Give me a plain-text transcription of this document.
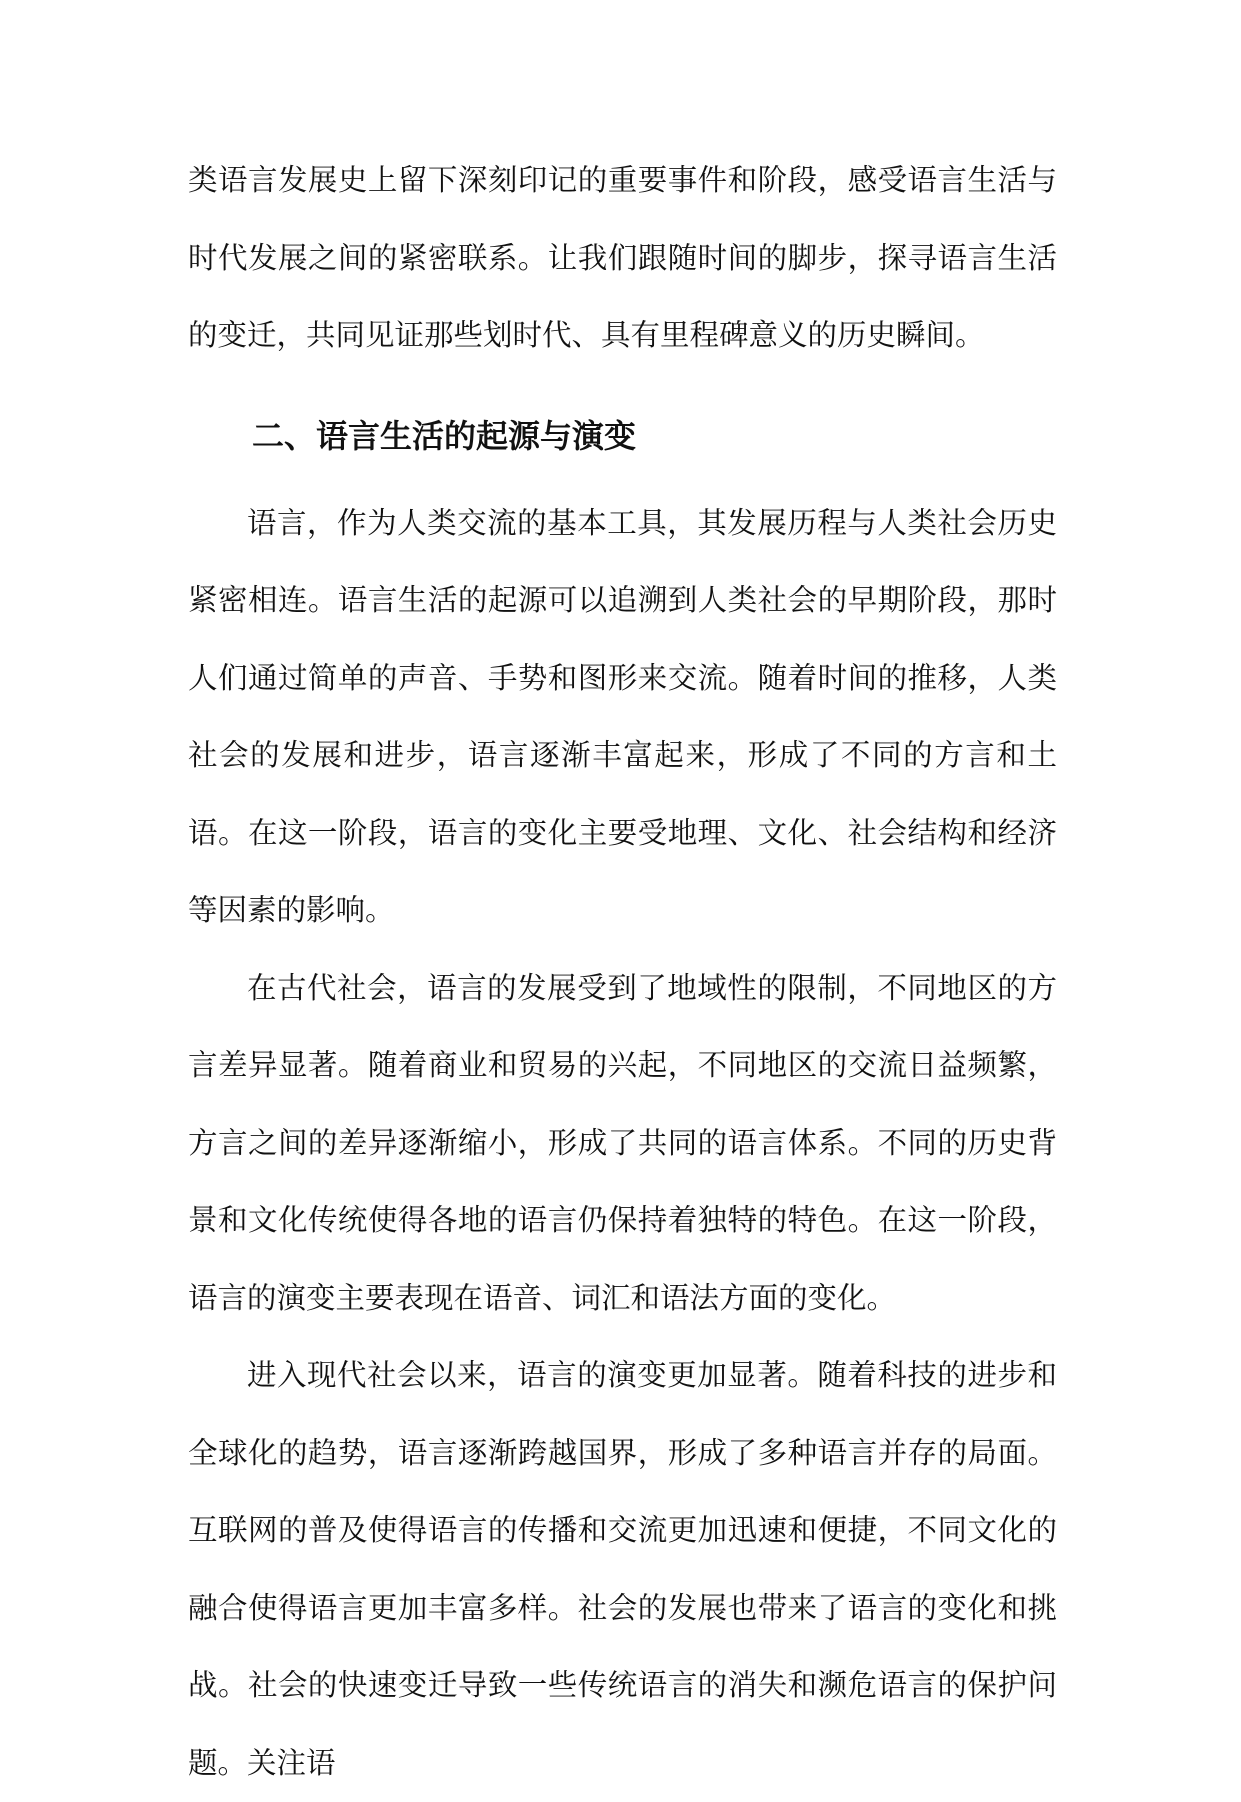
类语言发展史上留下深刻印记的重要事件和阶段，感受语言生活与时代发展之间的紧密联系。让我们跟随时间的脚步，探寻语言生活的变迁，共同见证那些划时代、具有里程碑意义的历史瞬间。

二、语言生活的起源与演变

语言，作为人类交流的基本工具，其发展历程与人类社会历史紧密相连。语言生活的起源可以追溯到人类社会的早期阶段，那时人们通过简单的声音、手势和图形来交流。随着时间的推移，人类社会的发展和进步，语言逐渐丰富起来，形成了不同的方言和土语。在这一阶段，语言的变化主要受地理、文化、社会结构和经济等因素的影响。

在古代社会，语言的发展受到了地域性的限制，不同地区的方言差异显著。随着商业和贸易的兴起，不同地区的交流日益频繁，方言之间的差异逐渐缩小，形成了共同的语言体系。不同的历史背景和文化传统使得各地的语言仍保持着独特的特色。在这一阶段，语言的演变主要表现在语音、词汇和语法方面的变化。

进入现代社会以来，语言的演变更加显著。随着科技的进步和全球化的趋势，语言逐渐跨越国界，形成了多种语言并存的局面。互联网的普及使得语言的传播和交流更加迅速和便捷，不同文化的融合使得语言更加丰富多样。社会的发展也带来了语言的变化和挑战。社会的快速变迁导致一些传统语言的消失和濒危语言的保护问题。关注语
